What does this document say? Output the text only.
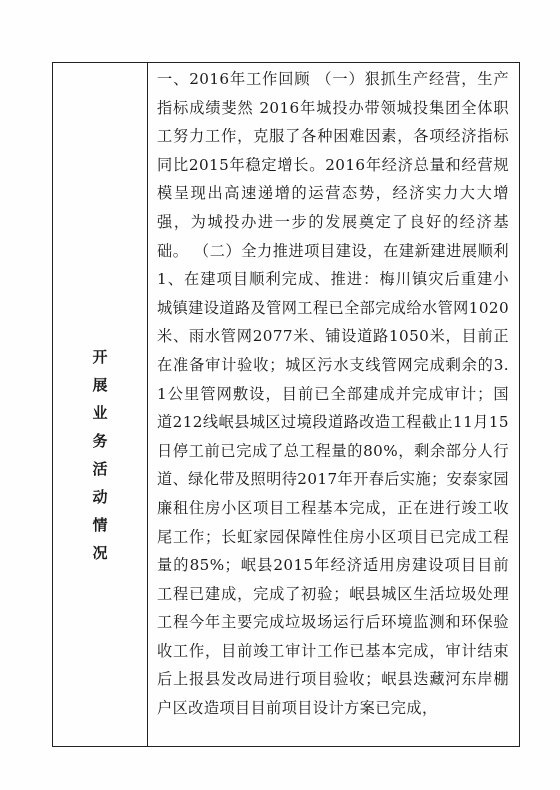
开
展
业
务
活
动
情
况

一、2016年工作回顾 （一）狠抓生产经营，生产指标成绩斐然 2016年城投办带领城投集团全体职工努力工作，克服了各种困难因素，各项经济指标同比2015年稳定增长。2016年经济总量和经营规模呈现出高速递增的运营态势，经济实力大大增强，为城投办进一步的发展奠定了良好的经济基础。 （二）全力推进项目建设，在建新建进展顺利 1、在建项目顺利完成、推进：梅川镇灾后重建小城镇建设道路及管网工程已全部完成给水管网1020米、雨水管网2077米、铺设道路1050米，目前正在准备审计验收；城区污水支线管网完成剩余的3.1公里管网敷设，目前已全部建成并完成审计；国道212线岷县城区过境段道路改造工程截止11月15日停工前已完成了总工程量的80%，剩余部分人行道、绿化带及照明待2017年开春后实施；安泰家园廉租住房小区项目工程基本完成，正在进行竣工收尾工作；长虹家园保障性住房小区项目已完成工程量的85%；岷县2015年经济适用房建设项目目前工程已建成，完成了初验；岷县城区生活垃圾处理工程今年主要完成垃圾场运行后环境监测和环保验收工作，目前竣工审计工作已基本完成，审计结束后上报县发改局进行项目验收；岷县迭藏河东岸棚户区改造项目目前项目设计方案已完成，
